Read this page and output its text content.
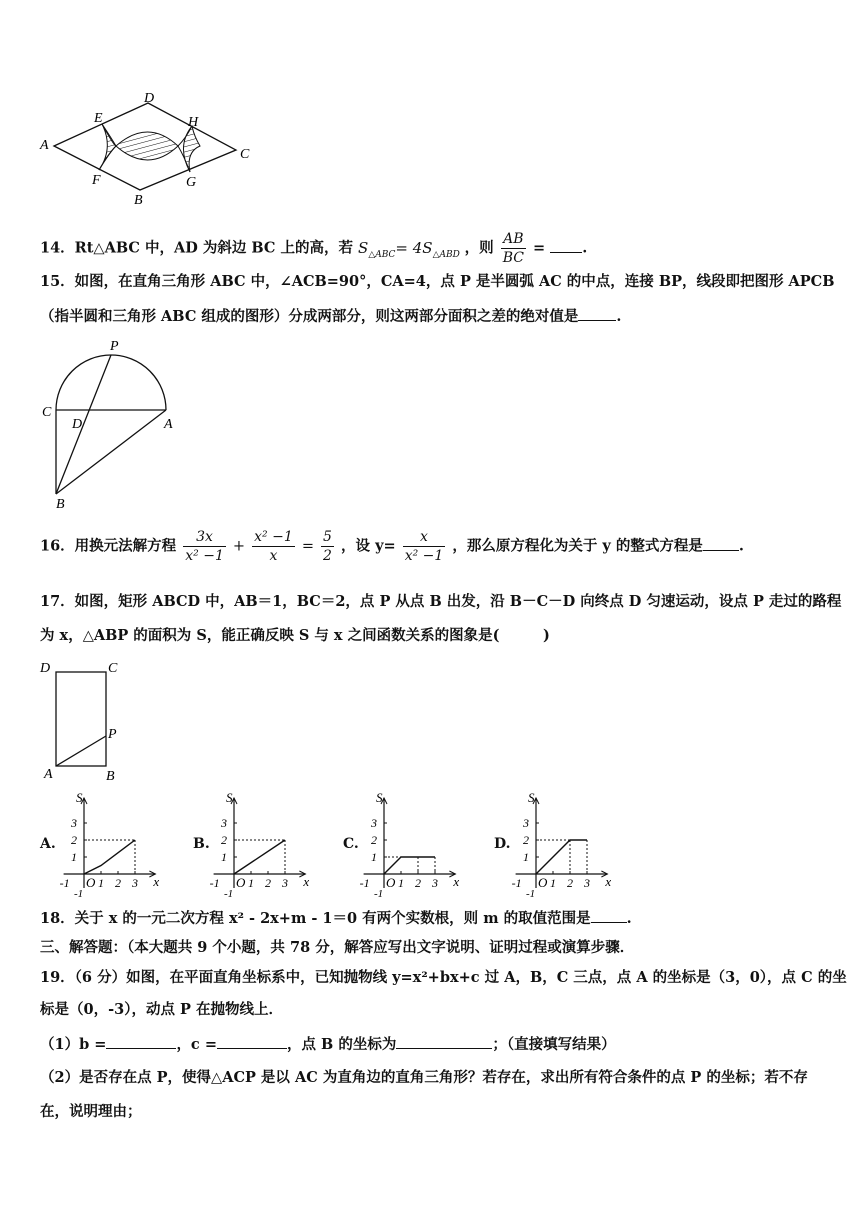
A
D
E	H
C
F	G
B
14．Rt△ABC 中，AD 为斜边 BC 上的高，若 $S_{\triangle ABC}= 4S_{\triangle ABD}$ ，则 $\frac{AB}{BC}$ =	.
15．如图，在直角三角形 ABC 中，∠ACB=90°，CA=4，点 P 是半圆弧 AC 的中点，连接 BP，线段即把图形 APCB
（指半圆和三角形 ABC 组成的图形）分成两部分，则这两部分面积之差的绝对值是	.
P
C
D	A
B
16．用换元法解方程 $\frac{3x}{\text{x² −1}} + \frac{\text{x² −1}}{x} = \frac{5}{2}$ ，设 $y= \frac{x}{\text{x² −1}}$ ，那么原方程化为关于 y 的整式方程是 .
17．如图，矩形 ABCD 中，AB＝1，BC＝2，点 P 从点 B 出发，沿 B－C－D 向终点 D 匀速运动，设点 P 走过的路程
为 x，△ABP 的面积为 S，能正确反映 S 与 x 之间函数关系的图象是(　　　)
D	C
P
A	B
A.	B.	C.	D.
1 2 3
1
2
3
-1
-1
O
S
x	1 2 3
1
2
3
-1
-1
O
S
x	1 2 3
1
2
3
-1
-1
O
S
x	1 2 3
1
2
3
-1
-1
O
S
x
18．关于 x 的一元二次方程 x² - 2x+m - 1＝0 有两个实数根，则 m 的取值范围是 .
三、解答题：（本大题共 9 个小题，共 78 分，解答应写出文字说明、证明过程或演算步骤．
19．（6 分）如图，在平面直角坐标系中，已知抛物线 y=x²+bx+c 过 A，B，C 三点，点 A 的坐标是（3，0），点 C 的坐
标是（0，-3），动点 P 在抛物线上．
（1）b =	，c =	，点 B 的坐标为	；（直接填写结果）
（2）是否存在点 P，使得△ACP 是以 AC 为直角边的直角三角形？若存在，求出所有符合条件的点 P 的坐标；若不存
在，说明理由；
